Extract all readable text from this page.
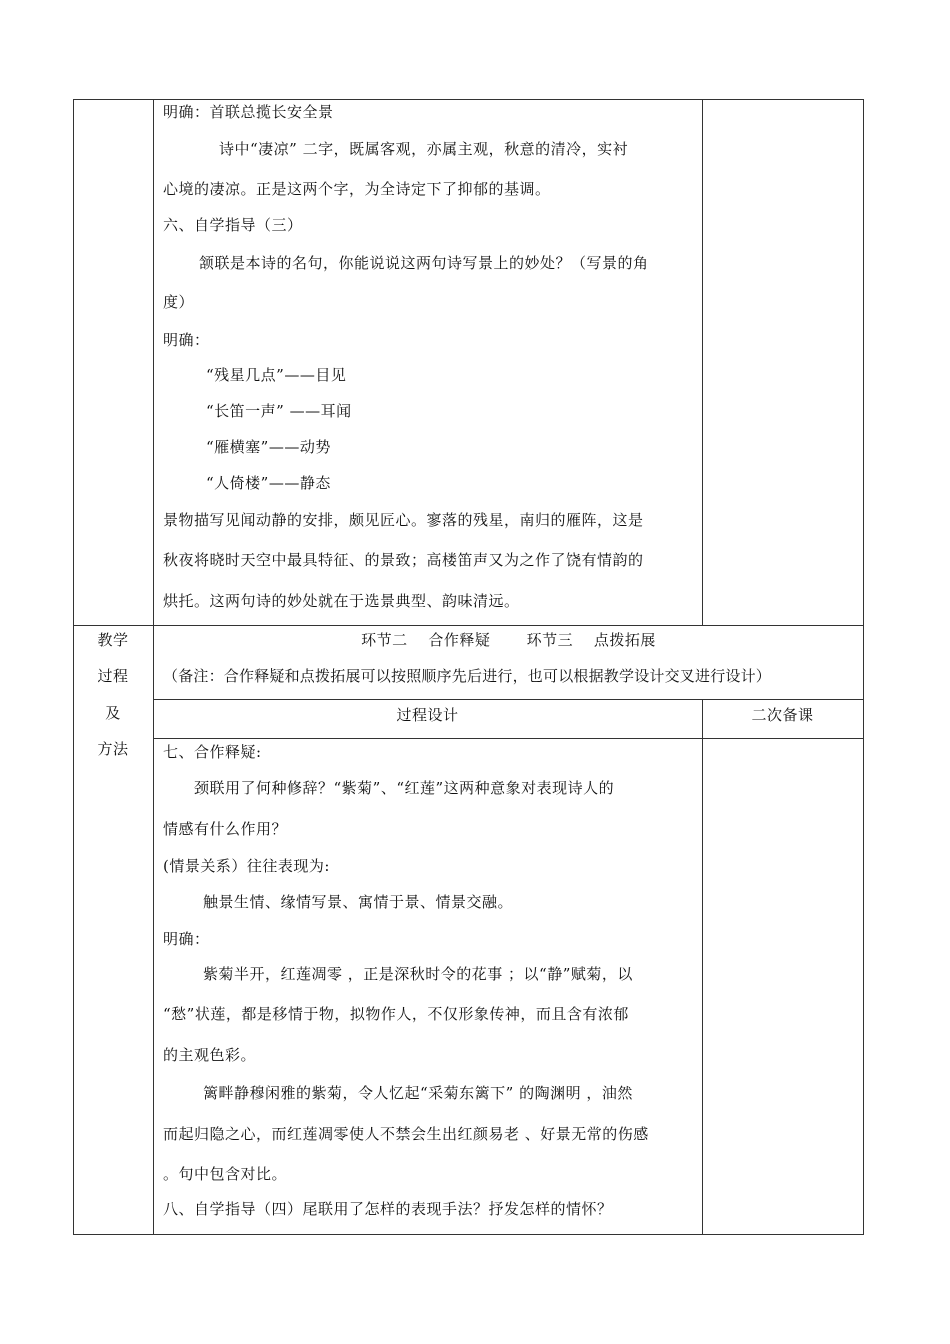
明确：首联总揽长安全景
诗中“凄凉” 二字，既属客观，亦属主观，秋意的清冷，实衬
心境的凄凉。正是这两个字，为全诗定下了抑郁的基调。
六、自学指导（三）
颔联是本诗的名句，你能说说这两句诗写景上的妙处？（写景的角
度）
明确：
“残星几点”——目见
“长笛一声” ——耳闻
“雁横塞”——动势
“人倚楼”——静态
景物描写见闻动静的安排，颇见匠心。寥落的残星，南归的雁阵，这是
秋夜将晓时天空中最具特征、的景致；高楼笛声又为之作了饶有情韵的
烘托。这两句诗的妙处就在于选景典型、韵味清远。
教学
过程
及
方法
环节二　 合作释疑　　 环节三　 点拨拓展
（备注：合作释疑和点拨拓展可以按照顺序先后进行，也可以根据教学设计交叉进行设计）
过程设计	二次备课
七、合作释疑:
颈联用了何种修辞？“紫菊”、“红莲”这两种意象对表现诗人的
情感有什么作用？
(情景关系）往往表现为:
触景生情、缘情写景、寓情于景、情景交融。
明确：
紫菊半开，红莲凋零 ，正是深秋时令的花事 ；以“静”赋菊，以
“愁”状莲，都是移情于物，拟物作人，不仅形象传神，而且含有浓郁
的主观色彩。
篱畔静穆闲雅的紫菊，令人忆起“采菊东篱下” 的陶渊明 ，油然
而起归隐之心，而红莲凋零使人不禁会生出红颜易老 、好景无常的伤感
。句中包含对比。
八、自学指导（四）尾联用了怎样的表现手法？抒发怎样的情怀？
